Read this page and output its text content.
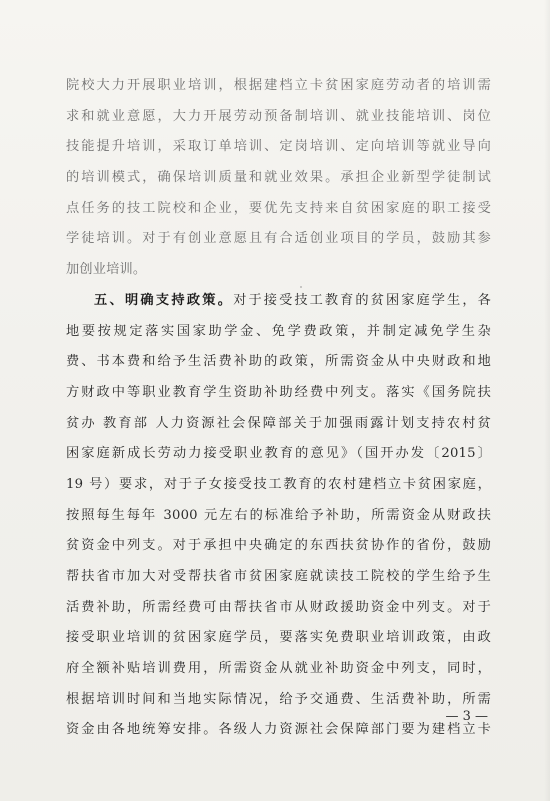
院校大力开展职业培训，根据建档立卡贫困家庭劳动者的培训需
求和就业意愿，大力开展劳动预备制培训、就业技能培训、岗位
技能提升培训，采取订单培训、定岗培训、定向培训等就业导向
的培训模式，确保培训质量和就业效果。承担企业新型学徒制试
点任务的技工院校和企业，要优先支持来自贫困家庭的职工接受
学徒培训。对于有创业意愿且有合适创业项目的学员，鼓励其参
加创业培训。
五、明确支持政策。对于接受技工教育的贫困家庭学生，各
地要按规定落实国家助学金、免学费政策，并制定减免学生杂
费、书本费和给予生活费补助的政策，所需资金从中央财政和地
方财政中等职业教育学生资助补助经费中列支。落实《国务院扶
贫办 教育部 人力资源社会保障部关于加强雨露计划支持农村贫
困家庭新成长劳动力接受职业教育的意见》（国开办发〔2015〕
19 号）要求，对于子女接受技工教育的农村建档立卡贫困家庭，
按照每生每年 3000 元左右的标准给予补助，所需资金从财政扶
贫资金中列支。对于承担中央确定的东西扶贫协作的省份，鼓励
帮扶省市加大对受帮扶省市贫困家庭就读技工院校的学生给予生
活费补助，所需经费可由帮扶省市从财政援助资金中列支。对于
接受职业培训的贫困家庭学员，要落实免费职业培训政策，由政
府全额补贴培训费用，所需资金从就业补助资金中列支，同时，
根据培训时间和当地实际情况，给予交通费、生活费补助，所需
资金由各地统筹安排。各级人力资源社会保障部门要为建档立卡
— 3 —
